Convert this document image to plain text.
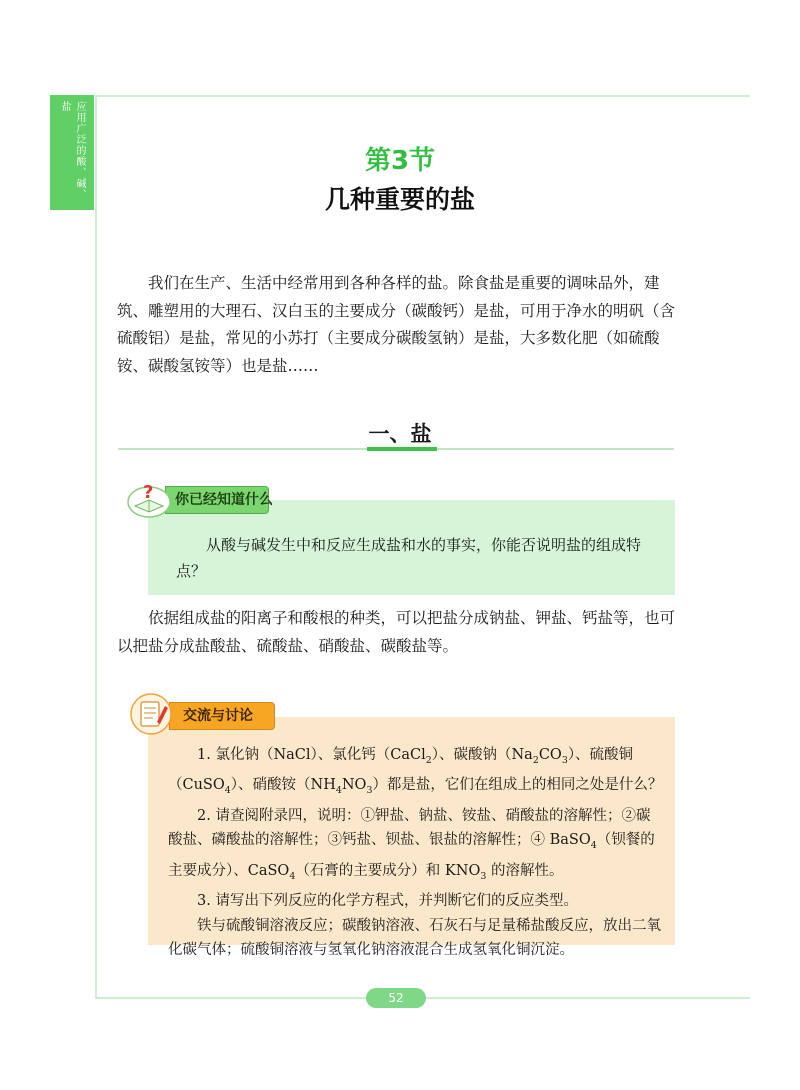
应用广泛的酸、碱、盐
第3节
几种重要的盐

我们在生产、生活中经常用到各种各样的盐。除食盐是重要的调味品外，建筑、雕塑用的大理石、汉白玉的主要成分（碳酸钙）是盐，可用于净水的明矾（含硫酸铝）是盐，常见的小苏打（主要成分碳酸氢钠）是盐，大多数化肥（如硫酸铵、碳酸氢铵等）也是盐……

一、盐

从酸与碱发生中和反应生成盐和水的事实，你能否说明盐的组成特点？

? 你已经知道什么

依据组成盐的阳离子和酸根的种类，可以把盐分成钠盐、钾盐、钙盐等，也可以把盐分成盐酸盐、硫酸盐、硝酸盐、碳酸盐等。

1. 氯化钠（NaCl）、氯化钙（CaCl$_2$）、碳酸钠$(Na_2CO_3)$、硫酸铜（CuSO$_4$）、硝酸铵$(NH_4NO_3)$都是盐，它们在组成上的相同之处是什么？

2. 请查阅附录四，说明：①钾盐、钠盐、铵盐、硝酸盐的溶解性；②碳酸盐、磷酸盐的溶解性；③钙盐、钡盐、银盐的溶解性；④ BaSO$_4$（钡餐的主要成分）、CaSO$_4$（石膏的主要成分）和 $KNO_3$ 的溶解性。

3. 请写出下列反应的化学方程式，并判断它们的反应类型。

铁与硫酸铜溶液反应；碳酸钠溶液、石灰石与足量稀盐酸反应，放出二氧化碳气体；硫酸铜溶液与氢氧化钠溶液混合生成氢氧化铜沉淀。

交流与讨论
52
